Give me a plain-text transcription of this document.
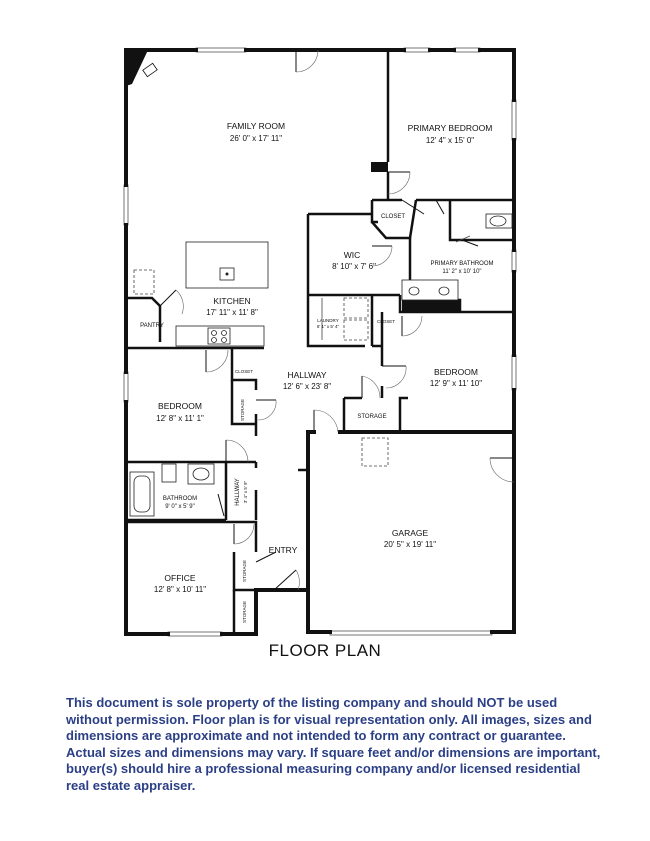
FAMILY ROOM
26' 0" x 17' 11"
PRIMARY BEDROOM
12' 4" x 15' 0"
CLOSET
WIC
8' 10" x 7' 6"	PRIMARY BATHROOM
11' 2" x 10' 10"
KITCHEN
17' 11" x 11' 8"
PANTRY
LAUNDRY
6' 1" x 5' 4"
CLOSET
HALLWAY
12' 6" x 23' 8"
BEDROOM
12' 9" x 11' 10"
STORAGE
CLOSET
BEDROOM
12' 8" x 11' 1"	STORAGE
BATHROOM
9' 0" x 5' 9"
HALLWAY 3' 4" x 5' 9"
GARAGE
20' 5" x 19' 11"
ENTRY
OFFICE
12' 8" x 10' 11"
STORAGE
STORAGE
FLOOR PLAN

This document is sole property of the listing company and should NOT be used without permission. Floor plan is for visual representation only. All images, sizes and dimensions are approximate and not intended to form any contract or guarantee. Actual sizes and dimensions may vary. If square feet and/or dimensions are important, buyer(s) should hire a professional measuring company and/or licensed residential real estate appraiser.
